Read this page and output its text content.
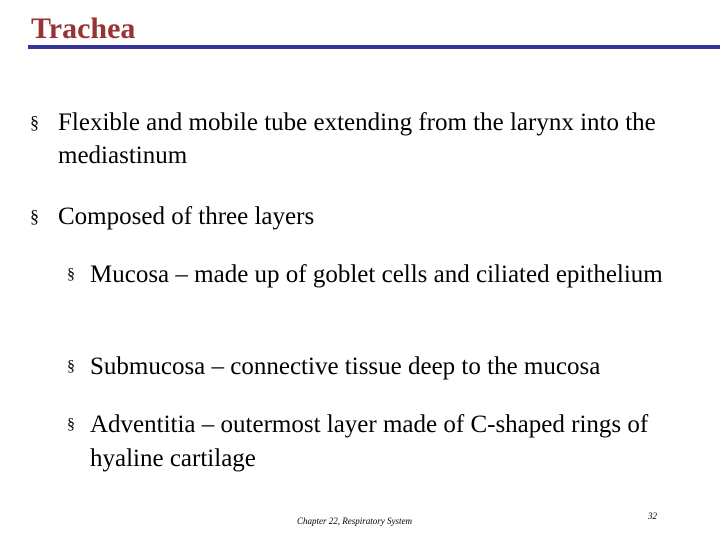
Trachea
§ Flexible and mobile tube extending from the larynx into the mediastinum
§ Composed of three layers
§ Mucosa – made up of goblet cells and ciliated epithelium
§ Submucosa – connective tissue deep to the mucosa
§ Adventitia – outermost layer made of C-shaped rings of hyaline cartilage
Chapter 22, Respiratory System	32
